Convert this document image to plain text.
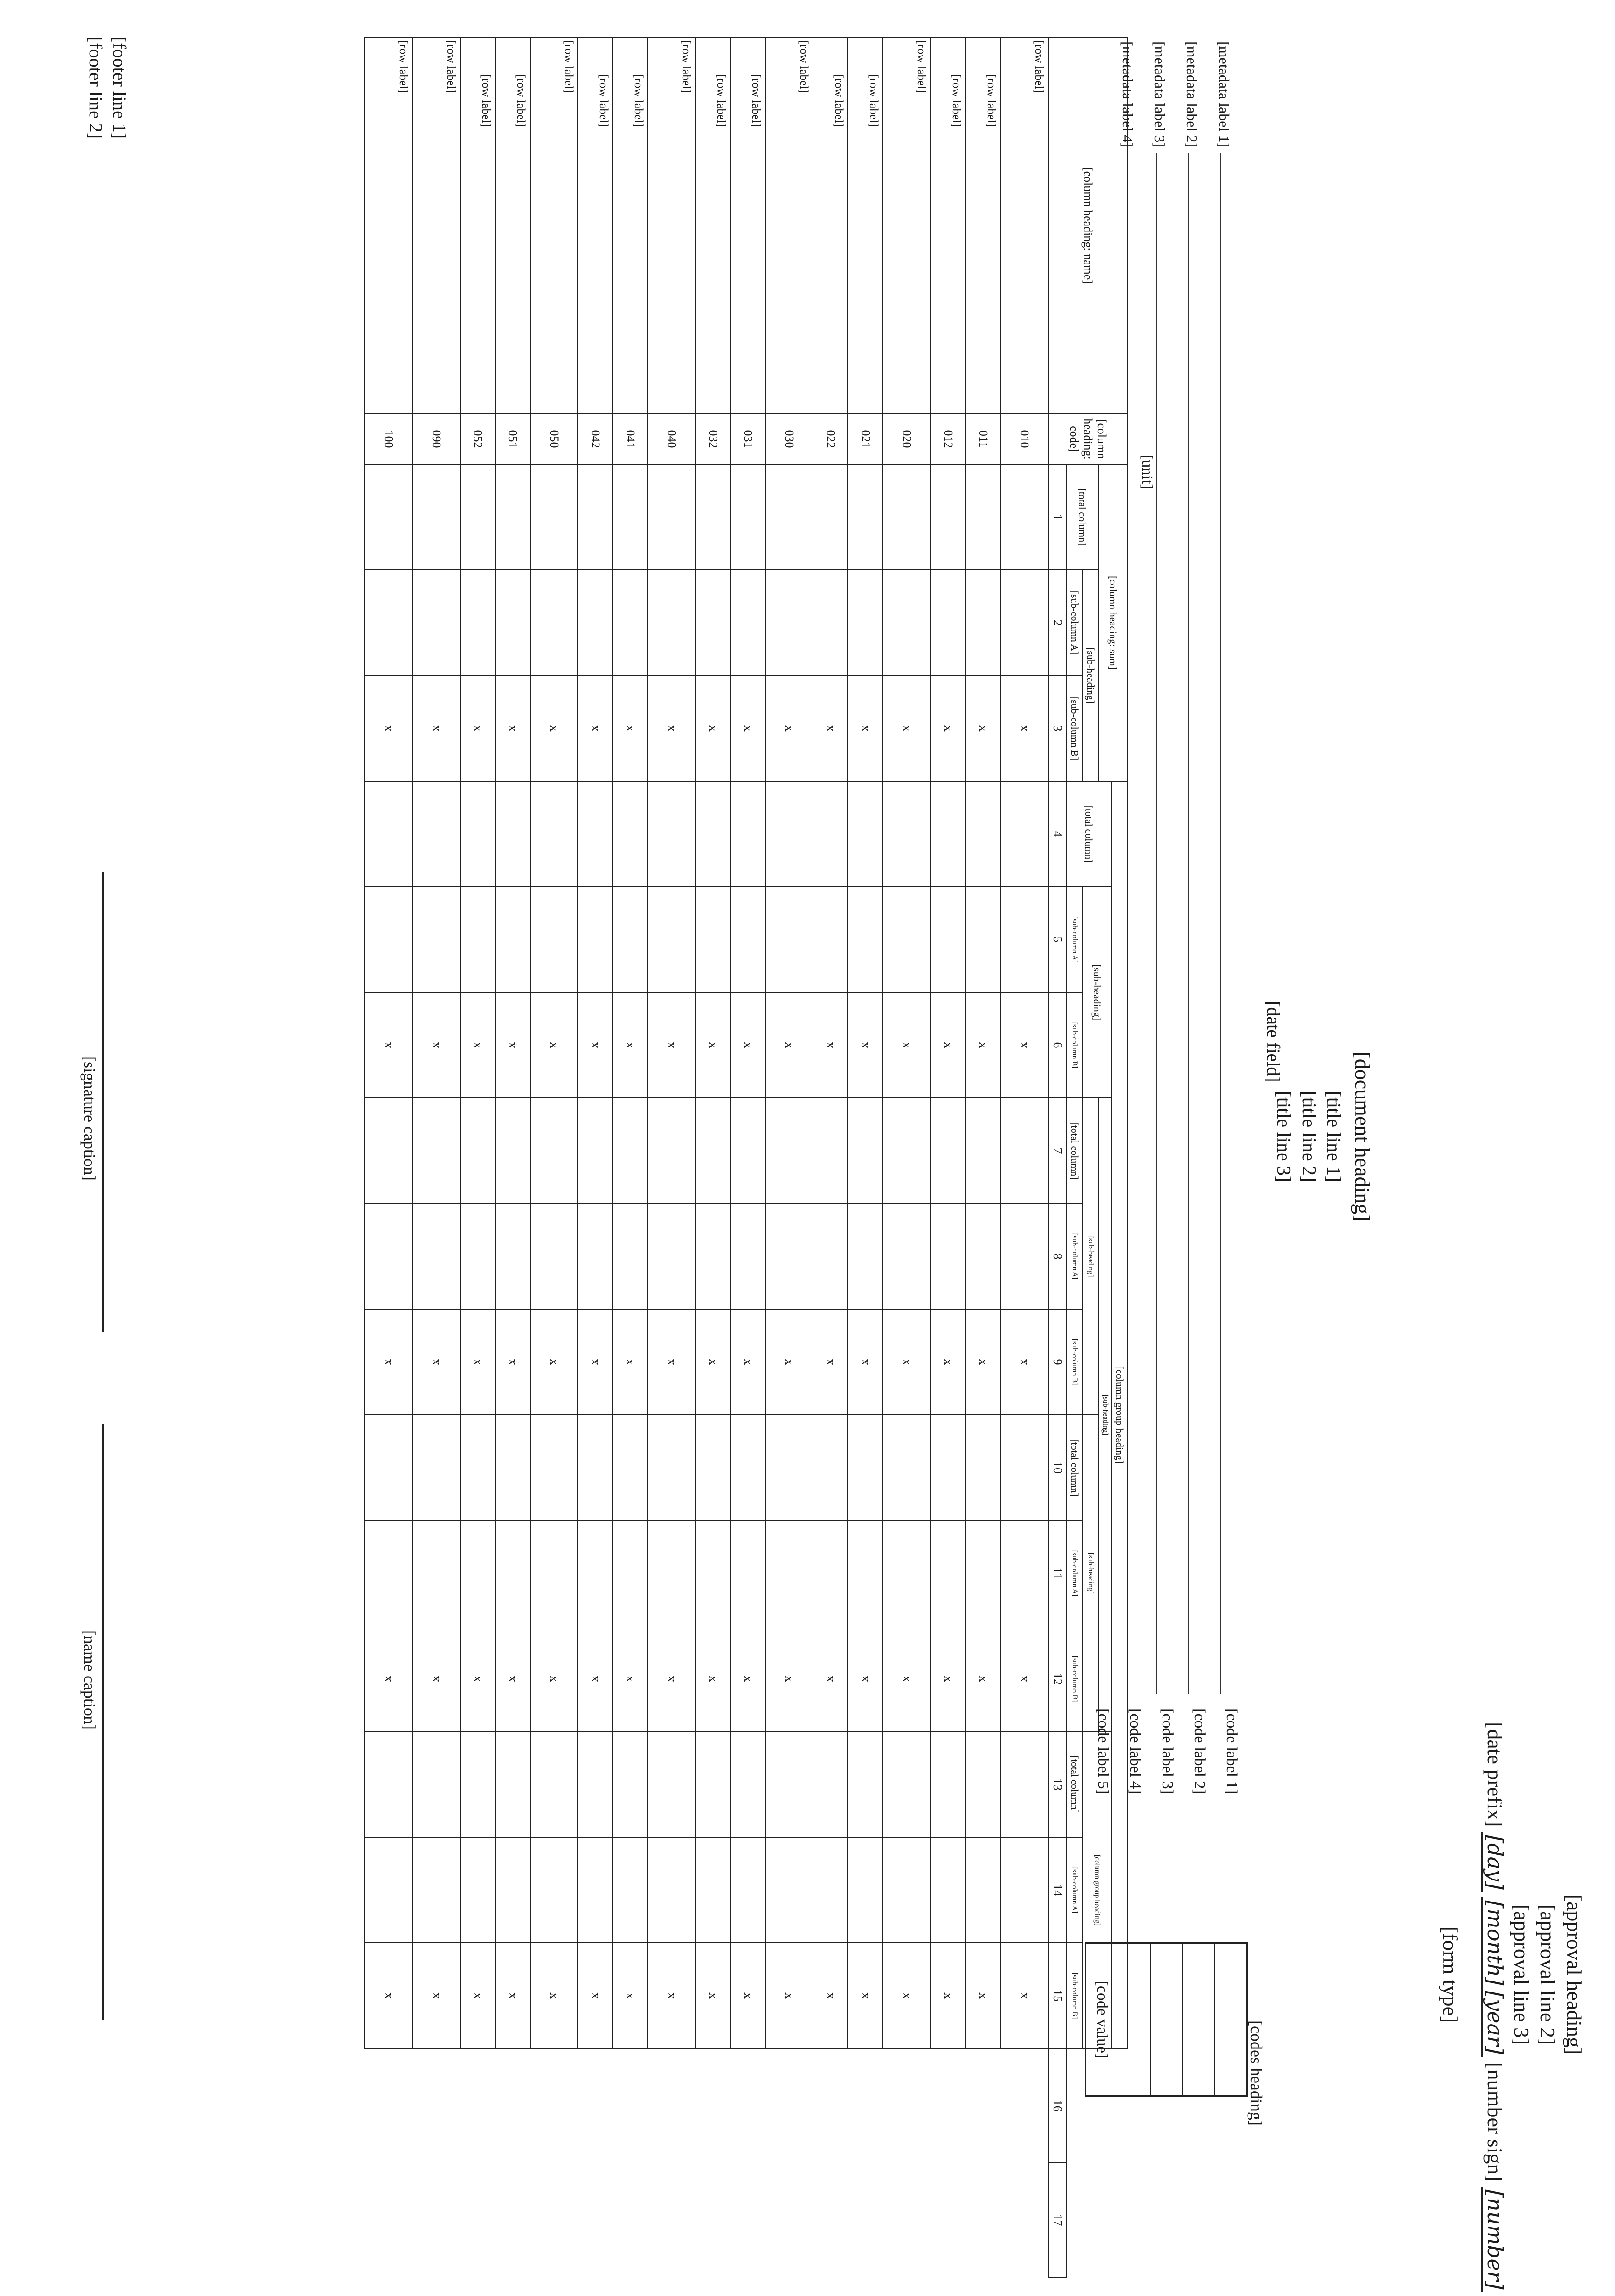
[approval heading]
[approval line 2]
[approval line 3]
[date prefix] [day] [month][year] [number sign] [number]
[form type]
[document heading]
[title line 1]
[title line 2]
[title line 3]
[date field]
[codes heading]
[code label 1]
[code label 2]
[code label 3]
[code label 4]
[code label 5]
[code value]
[metadata label 1]
[metadata label 2]
[metadata label 3]
[metadata label 4]
[unit]
[column heading: name]	[column heading: code]	[column heading: sum]			[column group heading]													
					[total column]	[sub-heading]		[sub-heading]						[column group heading]				
		[total column]	[sub-heading]					[sub-heading]			[sub-heading]							
			[sub-column A]	[sub-column B]		[sub-column A]	[sub-column B]	[total column]	[sub-column A]	[sub-column B]	[total column]	[sub-column A]	[sub-column B]	[total column]	[sub-column A]	[sub-column B]		
		1	2	3	4	5	6	7	8	9	10	11	12	13	14	15	16	17
[row label]	010			x			x			x			x			x		
[row label]	011			x			x			x			x			x		
[row label]	012			x			x			x			x			x		
[row label]	020			x			x			x			x			x		
[row label]	021			x			x			x			x			x		
[row label]	022			x			x			x			x			x		
[row label]	030			x			x			x			x			x		
[row label]	031			x			x			x			x			x		
[row label]	032			x			x			x			x			x		
[row label]	040			x			x			x			x			x		
[row label]	041			x			x			x			x			x		
[row label]	042			x			x			x			x			x		
[row label]	050			x			x			x			x			x		
[row label]	051			x			x			x			x			x		
[row label]	052			x			x			x			x			x		
[row label]	090			x			x			x			x			x		
[row label]	100			x			x			x			x			x		
[footer line 1]
[footer line 2]
[signature caption]
[name caption]
